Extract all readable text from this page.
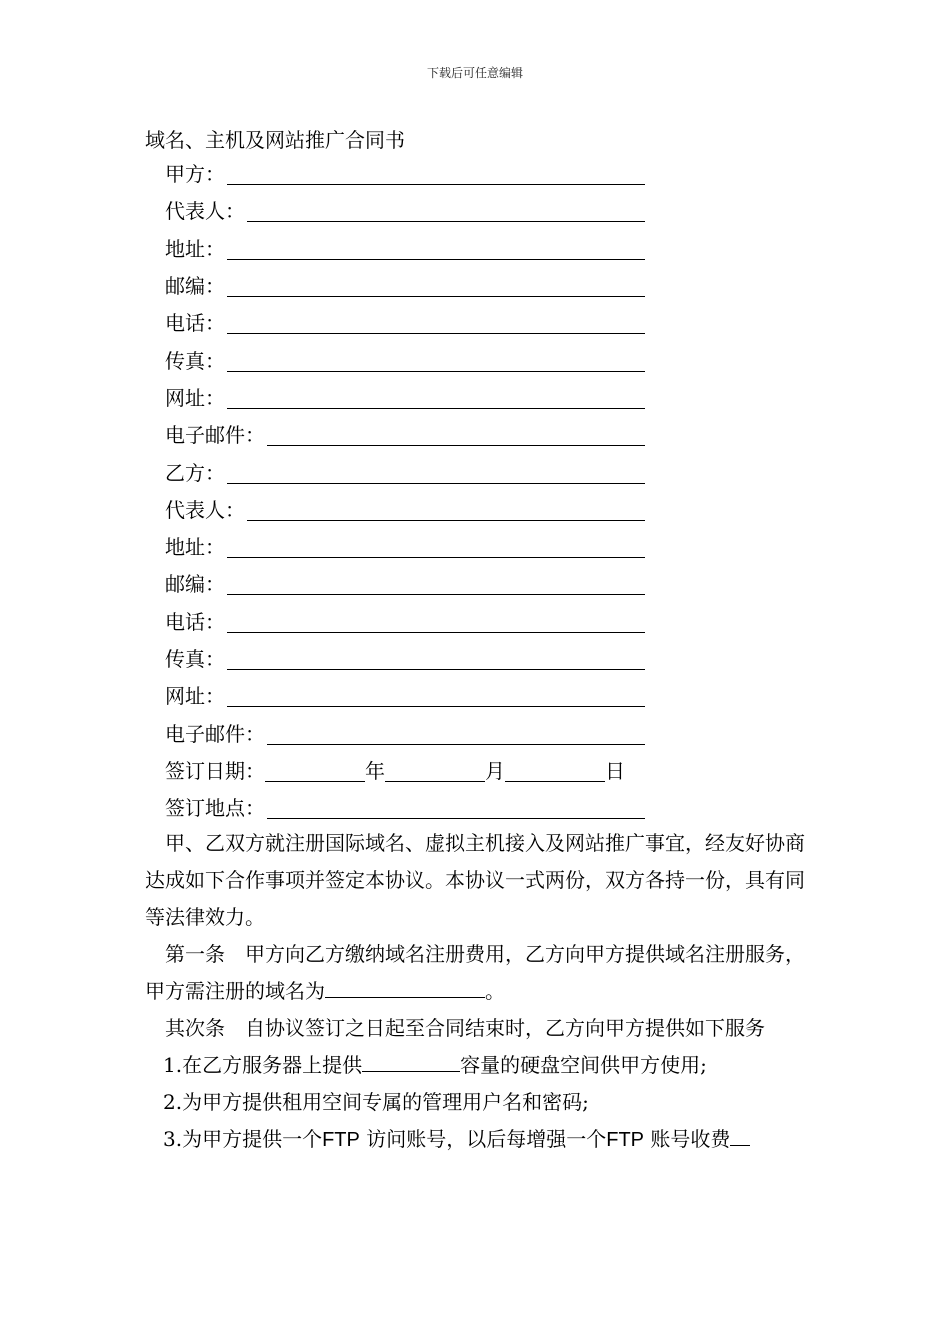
下载后可任意编辑
域名、主机及网站推广合同书
甲方：
代表人：
地址：
邮编：
电话：
传真：
网址：
电子邮件：
乙方：
代表人：
地址：
邮编：
电话：
传真：
网址：
电子邮件：
签订日期：	年	月	日
签订地点：

甲、乙双方就注册国际域名、虚拟主机接入及网站推广事宜，经友好协商达成如下合作事项并签定本协议。本协议一式两份，双方各持一份，具有同等法律效力。

第一条　甲方向乙方缴纳域名注册费用，乙方向甲方提供域名注册服务，甲方需注册的域名为	。

其次条　自协议签订之日起至合同结束时，乙方向甲方提供如下服务

1.在乙方服务器上提供	容量的硬盘空间供甲方使用;

2.为甲方提供租用空间专属的管理用户名和密码;

3.为甲方提供一个FTP 访问账号，以后每增强一个FTP 账号收费
